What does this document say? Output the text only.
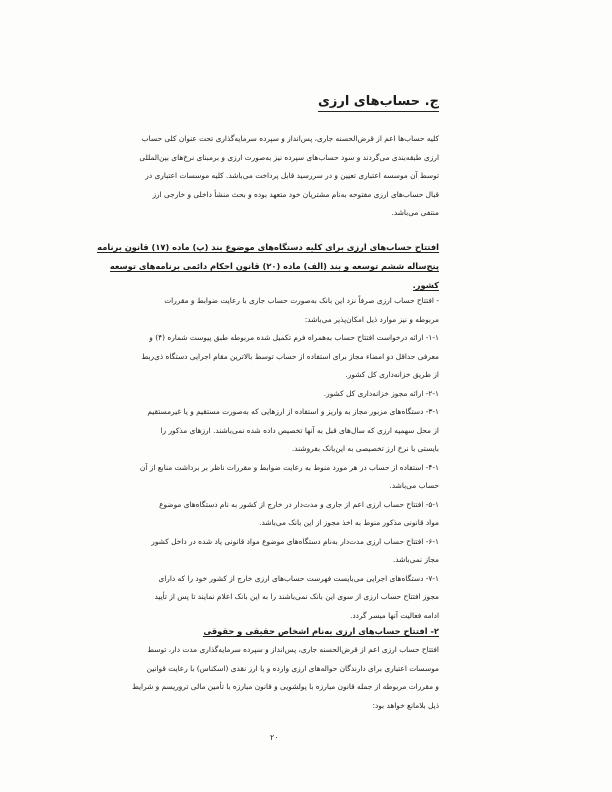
ج. حساب‌های ارزی
کلیه حساب‌ها اعم از قرض‌الحسنه جاری، پس‌انداز و سپرده سرمایه‌گذاری تحت عنوان کلی حساب
ارزی طبقه‌بندی می‌گردند و سود حساب‌های سپرده نیز به‌صورت ارزی و برمبنای نرخ‌های بین‌المللی
توسط آن موسسه اعتباری تعیین و در سررسید قابل پرداخت می‌باشد. کلیه موسسات اعتباری در
قبال حساب‌های ارزی مفتوحه به‌نام مشتریان خود متعهد بوده و بحث منشأ داخلی و خارجی ارز
منتفی می‌باشد.
افتتاح حساب‌های ارزی برای کلیه دستگاه‌های موضوع بند (پ) ماده (۱۷) قانون برنامه
پنج‌ساله ششم توسعه و بند (الف) ماده (۲۰) قانون احکام دائمی برنامه‌های توسعه
کشور.
- افتتاح حساب ارزی صرفاً نزد این بانک به‌صورت حساب جاری با رعایت ضوابط و مقررات
مربوطه و نیز موارد ذیل امکان‌پذیر می‌باشد:
۱-۱- ارائه درخواست افتتاح حساب به‌همراه فرم تکمیل شده مربوطه طبق پیوست شماره (۴) و
معرفی حداقل دو امضاء مجاز برای استفاده از حساب توسط بالاترین مقام اجرایی دستگاه ذی‌ربط
از طریق خزانه‌داری کل کشور.
۲-۱- ارائه مجوز خزانه‌داری کل کشور.
۳-۱- دستگاه‌های مزبور مجاز به واریز و استفاده از ارزهایی که به‌صورت مستقیم و یا غیرمستقیم
از محل سهمیه ارزی که سال‌های قبل به آنها تخصیص داده شده نمی‌باشند. ارزهای مذکور را
بایستی با نرخ ارز تخصیصی به این‌بانک بفروشند.
۴-۱- استفاده از حساب در هر مورد منوط به رعایت ضوابط و مقررات ناظر بر برداشت منابع از آن
حساب می‌باشد.
۵-۱- افتتاح حساب ارزی اعم از جاری و مدت‌دار در خارج از کشور به نام دستگاه‌های موضوع
مواد قانونی مذکور منوط به اخذ مجوز از این بانک می‌باشد.
۶-۱- افتتاح حساب ارزی مدت‌دار به‌نام دستگاه‌های موضوع مواد قانونی یاد شده در داخل کشور
مجاز نمی‌باشد.
۷-۱- دستگاه‌های اجرایی می‌بایست فهرست حساب‌های ارزی خارج از کشور خود را که دارای
مجوز افتتاح حساب ارزی از سوی این بانک نمی‌باشند را به این بانک اعلام نمایند تا پس از تأیید
ادامه فعالیت آنها میسر گردد.
۲- افتتاح حساب‌های ارزی به‌نام اشخاص حقیقی و حقوقی
افتتاح حساب ارزی اعم از قرض‌الحسنه جاری، پس‌انداز و سپرده سرمایه‌گذاری مدت دار، توسط
موسسات اعتباری برای دارندگان حواله‌های ارزی وارده و یا ارز نقدی (اسکناس) با رعایت قوانین
و مقررات مربوطه از جمله قانون مبارزه با پولشویی و قانون مبارزه با تأمین مالی تروریسم و شرایط
ذیل بلامانع خواهد بود:
۲۰
